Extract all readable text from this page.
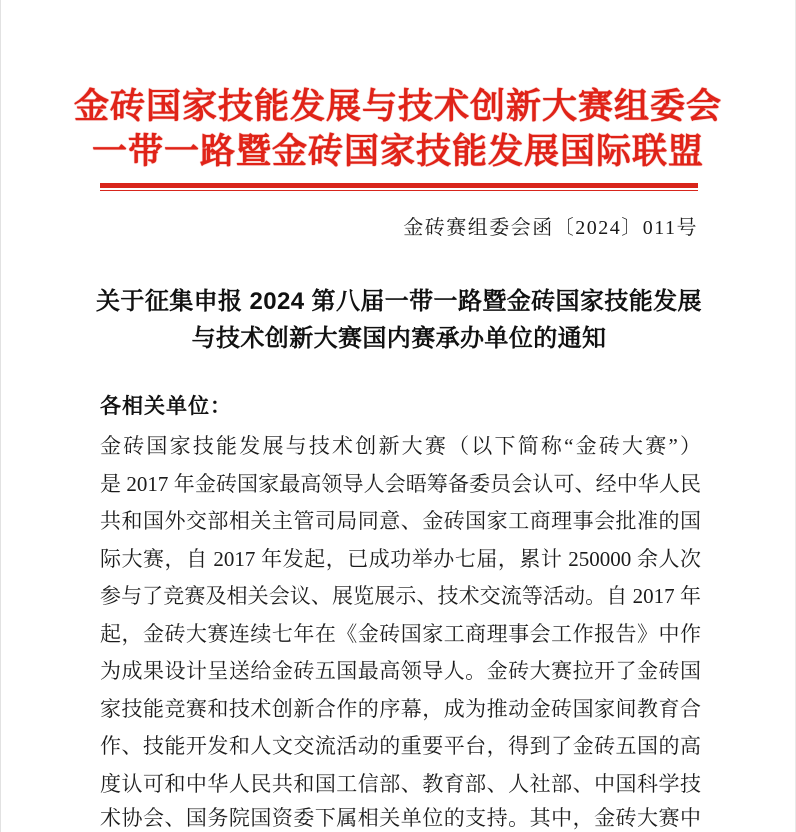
金砖国家技能发展与技术创新大赛组委会
一带一路暨金砖国家技能发展国际联盟
金砖赛组委会函〔2024〕011号
关于征集申报 2024 第八届一带一路暨金砖国家技能发展
与技术创新大赛国内赛承办单位的通知
各相关单位：
金砖国家技能发展与技术创新大赛（以下简称“金砖大赛”）
是 2017 年金砖国家最高领导人会晤筹备委员会认可、经中华人民
共和国外交部相关主管司局同意、金砖国家工商理事会批准的国
际大赛，自 2017 年发起，已成功举办七届，累计 250000 余人次
参与了竞赛及相关会议、展览展示、技术交流等活动。自 2017 年
起，金砖大赛连续七年在《金砖国家工商理事会工作报告》中作
为成果设计呈送给金砖五国最高领导人。金砖大赛拉开了金砖国
家技能竞赛和技术创新合作的序幕，成为推动金砖国家间教育合
作、技能开发和人文交流活动的重要平台，得到了金砖五国的高
度认可和中华人民共和国工信部、教育部、人社部、中国科学技
术协会、国务院国资委下属相关单位的支持。其中，金砖大赛中
